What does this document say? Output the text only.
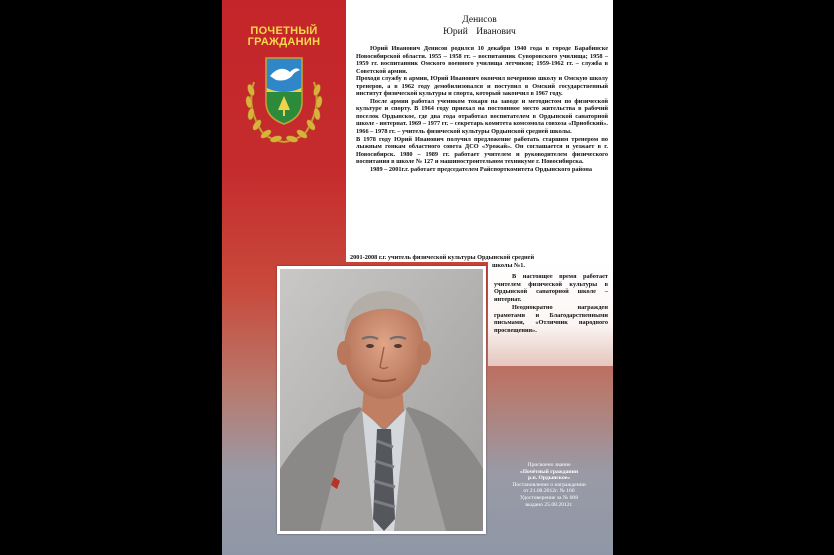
ПОЧЕТНЫЙ
ГРАЖДАНИН
Денисов
Юрий Иванович

Юрий Иванович Денисов родился 10 декабря 1940 года в городе Барабинске Новосибирской области. 1955 – 1958 гг. – воспитанник Суворовского училища; 1958 – 1959 гг. воспитанник Омского военного училища летчиков; 1959-1962 гг. – служба в Советской армии.

Проходя службу в армии, Юрий Иванович окончил вечернюю школу и Омскую школу тренеров, а в 1962 году демобилизовался и поступил в Омский государственный институт физической культуры и спорта, который закончил в 1967 году.

После армии работал учеником токаря на заводе и методистом по физической культуре и спорту. В 1964 году приехал на постоянное место жительства в рабочий поселок Ордынское, где два года отработал воспитателем в Ордынской санаторной школе - интернат. 1969 – 1977 гг. – секретарь комитета комсомола совхоза «Приобский». 1966 – 1978 гг. – учитель физической культуры Ордынской средней школы.

В 1978 году Юрий Иванович получил предложение работать старшим тренером по лыжным гонкам областного совета ДСО «Урожай». Он соглашается и уезжает в г. Новосибирск. 1980 – 1989 гг. работает учителем и руководителем физического воспитания в школе № 127 и машиностроительном техникуме г. Новосибирска.

1989 – 2001г.г. работает председателем Райспорткомитета Ордынского района

2001-2008 г.г. учитель физической культуры Ордынской средней
школы №1.

В настоящее время работает учителем физической культуры в Ордынской санаторной школе – интернат.

Неоднократно награжден грамотами и Благодарственными письмами, «Отличник народного просвещения».

Присвоено звание
«Почётный гражданин
р.п. Ордынское»
Постановление о награждении
от 21.08.2012г. № 166
Удостоверение за № 008
выдано 25.08.2012г.
